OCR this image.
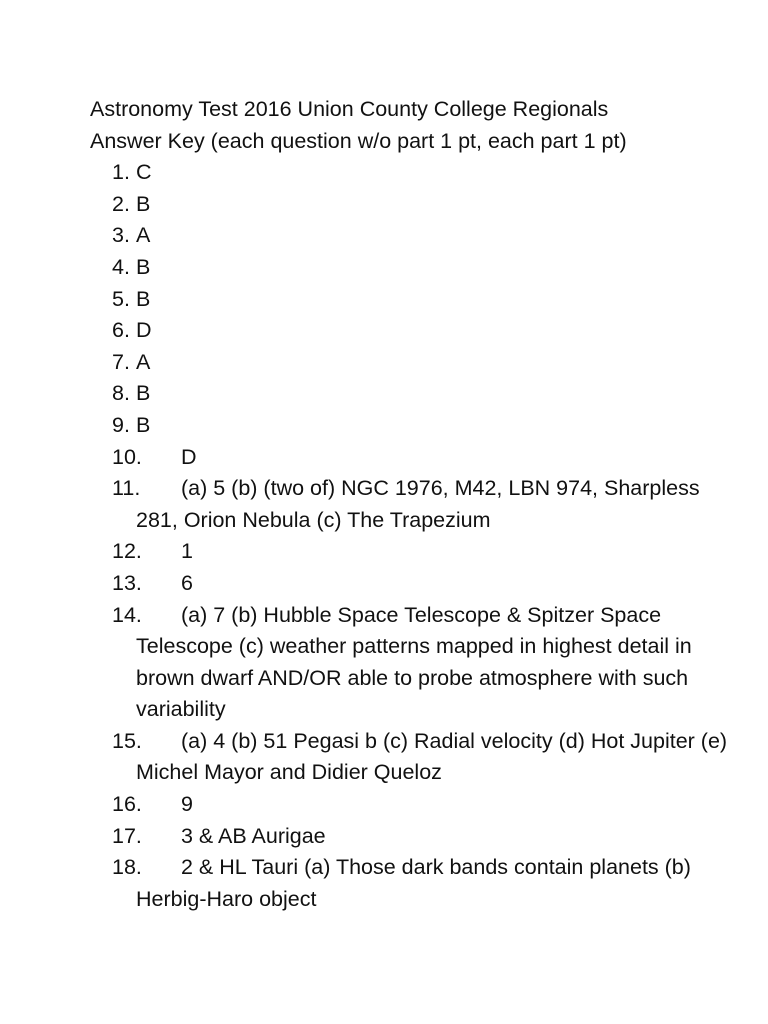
Astronomy Test 2016 Union County College Regionals
Answer Key (each question w/o part 1 pt, each part 1 pt)
1. C
2. B
3. A
4. B
5. B
6. D
7. A
8. B
9. B
10. D
11. (a) 5 (b) (two of) NGC 1976, M42, LBN 974, Sharpless 281, Orion Nebula (c) The Trapezium
12. 1
13. 6
14. (a) 7 (b) Hubble Space Telescope & Spitzer Space Telescope (c) weather patterns mapped in highest detail in brown dwarf AND/OR able to probe atmosphere with such variability
15. (a) 4 (b) 51 Pegasi b (c) Radial velocity (d) Hot Jupiter (e) Michel Mayor and Didier Queloz
16. 9
17. 3 & AB Aurigae
18. 2 & HL Tauri (a) Those dark bands contain planets (b) Herbig-Haro object
